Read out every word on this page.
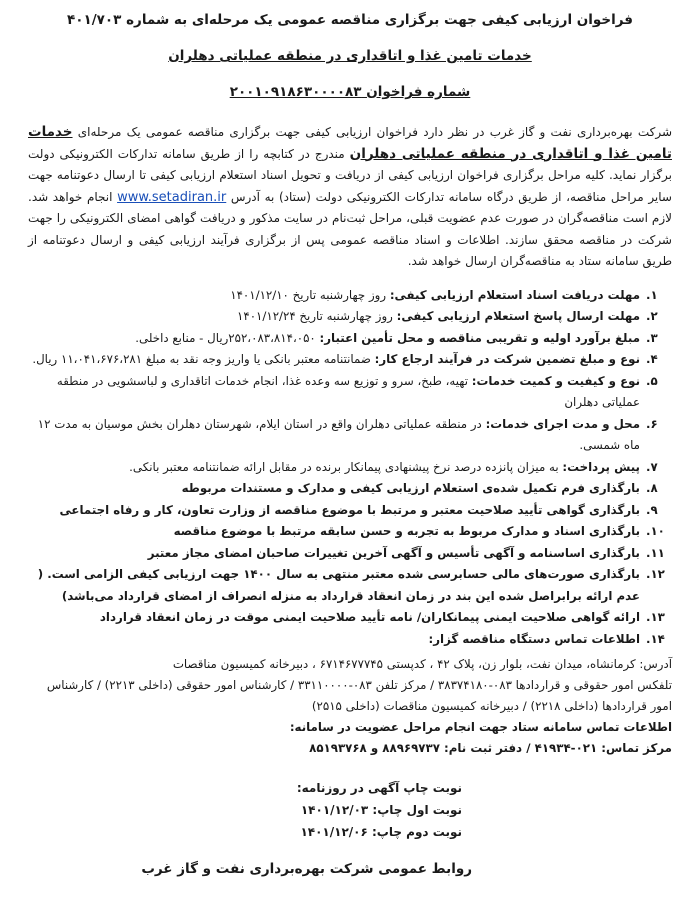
فراخوان ارزیابی کیفی جهت برگزاری مناقصه عمومی یک مرحله‌ای به شماره ۴۰۱/۷۰۳

خدمات تامین غذا و اتاقداری در منطقه عملیاتی دهلران

شماره فراخوان ۲۰۰۱۰۹۱۸۶۳۰۰۰۰۸۳

شرکت بهره‌برداری نفت و گاز غرب در نظر دارد فراخوان ارزیابی کیفی جهت برگزاری مناقصه عمومی یک مرحله‌ای خدمات تامین غذا و اتاقداری در منطقه عملیاتی دهلران مندرج در کتابچه را از طریق سامانه تدارکات الکترونیکی دولت برگزار نماید. کلیه مراحل برگزاری فراخوان ارزیابی کیفی از دریافت و تحویل اسناد استعلام ارزیابی کیفی تا ارسال دعوتنامه جهت سایر مراحل مناقصه، از طریق درگاه سامانه تدارکات الکترونیکی دولت (ستاد) به آدرس www.setadiran.ir انجام خواهد شد. لازم است مناقصه‌گران در صورت عدم عضویت قبلی، مراحل ثبت‌نام در سایت مذکور و دریافت گواهی امضای الکترونیکی را جهت شرکت در مناقصه محقق سازند. اطلاعات و اسناد مناقصه عمومی پس از برگزاری فرآیند ارزیابی کیفی و ارسال دعوتنامه از طریق سامانه ستاد به مناقصه‌گران ارسال خواهد شد.
۱.
مهلت دریافت اسناد استعلام ارزیابی کیفی: روز چهارشنبه تاریخ ۱۴۰۱/۱۲/۱۰
۲.
مهلت ارسال پاسخ استعلام ارزیابی کیفی: روز چهارشنبه تاریخ ۱۴۰۱/۱۲/۲۴
۳.
مبلغ برآورد اولیه و تقریبی مناقصه و محل تأمین اعتبار: ۲۵۲،۰۸۳،۸۱۴،۰۵۰ریال - منابع داخلی.
۴.
نوع و مبلغ تضمین شرکت در فرآیند ارجاع کار: ضمانتنامه معتبر بانکی یا واریز وجه نقد به مبلغ ۱۱،۰۴۱،۶۷۶،۲۸۱ ریال.
۵.
نوع و کیفیت و کمیت خدمات: تهیه، طبخ، سرو و توزیع سه وعده غذا، انجام خدمات اتاقداری و لباسشویی در منطقه عملیاتی دهلران
۶.
محل و مدت اجرای خدمات: در منطقه عملیاتی دهلران واقع در استان ایلام، شهرستان دهلران بخش موسیان به مدت ۱۲ ماه شمسی.
۷.
پیش پرداخت: به میزان پانزده درصد نرخ پیشنهادی پیمانکار برنده در مقابل ارائه ضمانتنامه معتبر بانکی.
۸.
بارگذاری فرم تکمیل شده‌ی استعلام ارزیابی کیفی و مدارک و مستندات مربوطه
۹.
بارگذاری گواهی تأیید صلاحیت معتبر و مرتبط با موضوع مناقصه از وزارت تعاون، کار و رفاه اجتماعی
۱۰.
بارگذاری اسناد و مدارک مربوط به تجربه و حسن سابقه مرتبط با موضوع مناقصه
۱۱.
بارگذاری اساسنامه و آگهی تأسیس و آگهی آخرین تغییرات صاحبان امضای مجاز معتبر
۱۲.
بارگذاری صورت‌های مالی حسابرسی شده معتبر منتهی به سال ۱۴۰۰ جهت ارزیابی کیفی الزامی است. ( عدم ارائه برابراصل شده این بند در زمان انعقاد قرارداد به منزله انصراف از امضای قرارداد می‌باشد)
۱۳.
ارائه گواهی صلاحیت ایمنی پیمانکاران/ نامه تأیید صلاحیت ایمنی موقت در زمان انعقاد قرارداد
۱۴.
اطلاعات تماس دستگاه مناقصه گزار:
آدرس: کرمانشاه، میدان نفت، بلوار زن، پلاک ۴۲ ، کدپستی ۶۷۱۴۶۷۷۷۴۵ ، دبیرخانه کمیسیون مناقصات
تلفکس امور حقوقی و قراردادها ۰۸۳-۳۸۳۷۴۱۸۰ / مرکز تلفن ۰۸۳-۳۳۱۱۰۰۰۰ / کارشناس امور حقوقی (داخلی ۲۲۱۳) / کارشناس امور قراردادها (داخلی ۲۲۱۸) / دبیرخانه کمیسیون مناقصات (داخلی ۲۵۱۵)
اطلاعات تماس سامانه ستاد جهت انجام مراحل عضویت در سامانه:
مرکز تماس: ۰۲۱-۴۱۹۳۴ / دفتر ثبت نام: ۸۸۹۶۹۷۳۷ و ۸۵۱۹۳۷۶۸
نوبت چاپ آگهی در روزنامه:
نوبت اول چاپ: ۱۴۰۱/۱۲/۰۳
نوبت دوم چاپ: ۱۴۰۱/۱۲/۰۶
روابط عمومی شرکت بهره‌برداری نفت و گاز غرب
